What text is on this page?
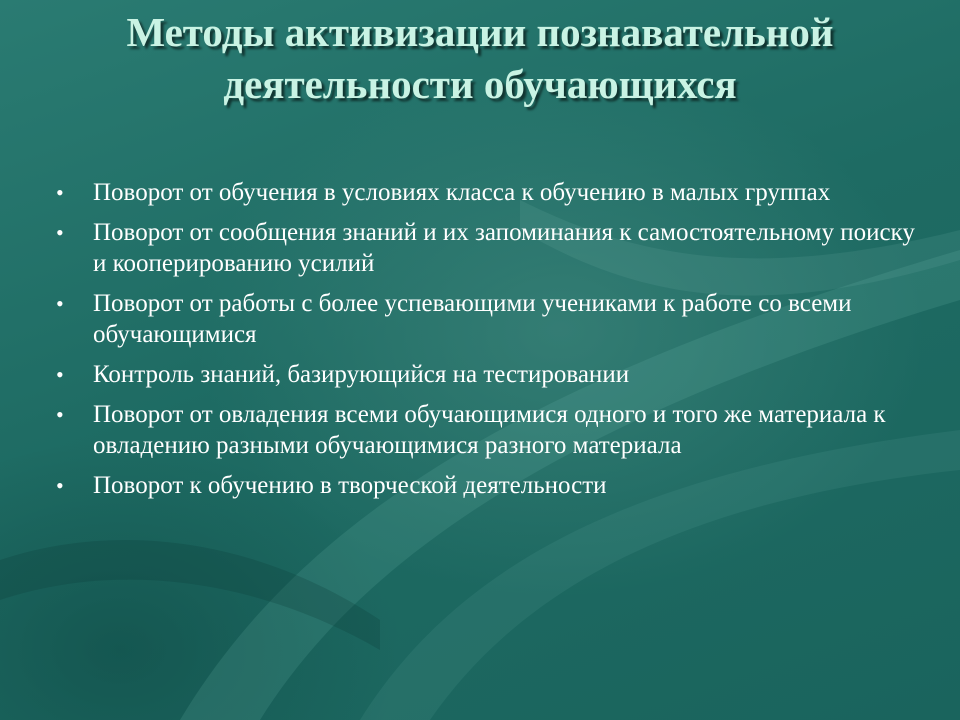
Методы активизации познавательной деятельности обучающихся
• Поворот от обучения в условиях класса к обучению в малых группах
• Поворот от сообщения знаний и их запоминания к самостоятельному поиску и кооперированию усилий
• Поворот от работы с более успевающими учениками к работе со всеми обучающимися
• Контроль знаний, базирующийся на тестировании
• Поворот от овладения всеми обучающимися одного и того же материала к овладению разными обучающимися разного материала
• Поворот к обучению в творческой деятельности
